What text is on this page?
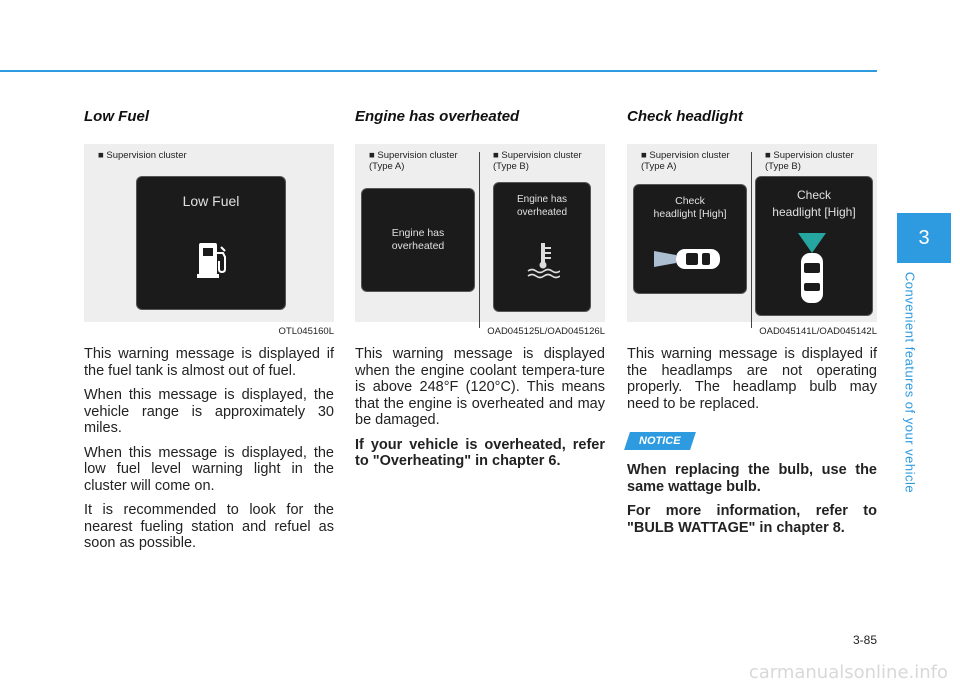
Low Fuel
■ Supervision cluster
Low Fuel
OTL045160L

This warning message is displayed if the fuel tank is almost out of fuel.

When this message is displayed, the vehicle range is approximately 30 miles.

When this message is displayed, the low fuel level warning light in the cluster will come on.

It is recommended to look for the nearest fueling station and refuel as soon as possible.

Engine has overheated
■ Supervision cluster
(Type A)
■ Supervision cluster
(Type B)
Engine has
overheated
Engine has
overheated
OAD045125L/OAD045126L

This warning message is displayed when the engine coolant tempera-ture is above 248°F (120°C). This means that the engine is overheated and may be damaged.

If your vehicle is overheated, refer to "Overheating" in chapter 6.

Check headlight
■ Supervision cluster
(Type A)
■ Supervision cluster
(Type B)
Check
headlight [High]
Check
headlight [High]
OAD045141L/OAD045142L

This warning message is displayed if the headlamps are not operating properly. The headlamp bulb may need to be replaced.

NOTICE

When replacing the bulb, use the same wattage bulb.

For more information, refer to "BULB WATTAGE" in chapter 8.

3
Convenient features of your vehicle
3-85
carmanualsonline.info
